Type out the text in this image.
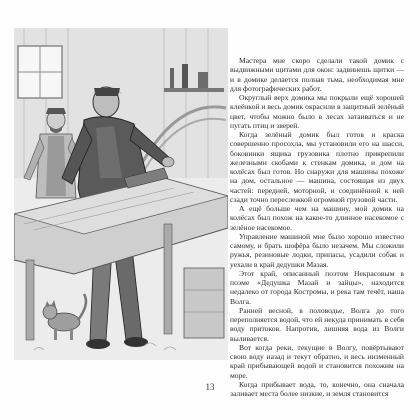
Мастера мне скоро сделали такой домик с выдвижными щитами для окон: задвинешь щитки — и в домике делается полная тьма, необходимая мне для фотографических работ.

Округлый верх домика мы покрыли ещё хорошей клеёнкой и весь домик окрасили в защитный зелёный цвет, чтобы можно было в лесах затаиваться и не пугать птиц и зверей.

Когда зелёный домик был готов и краска совершенно просохла, мы установили его на шасси, боковинки ящика грузовика плотно прикрепили железными скобами к стенкам домика, и дом на колёсах был готов. Но снаружи для машины похоже на дом, остальное — машина, состоящая из двух частей: передней, моторной, и соединённой к ней сзади точно переслежкой огромной грузовой части.

А ещё больше чем на машину, мой домик на колёсах был похож на какое-то длинное насекомое с зелёное насекомое.

Управление машиной мне было хорошо известно самому, и брать шофёра было незачем. Мы сложили ружья, резиновые лодки, припасы, усадили собак и уехали в край дедушки Мазая.

Этот край, описанный поэтом Некрасовым в поэме «Дедушка Мазай и зайцы», находится недалеко от города Костромы, и река там течёт, наша Волга.

Ранней весной, в половодье, Волга до того переполняется водой, что ей некуда принимать в себя воду притоков. Напротив, лишняя вода из Волги выливается.

Вот когда реки, текущие в Волгу, повёртывают свою воду назад и текут обратно, и весь низменный край прибывающей водой и становится похожим на море.

Когда прибывает вода, то, конечно, она сначала заливает места более низкие, и земля становится

13
